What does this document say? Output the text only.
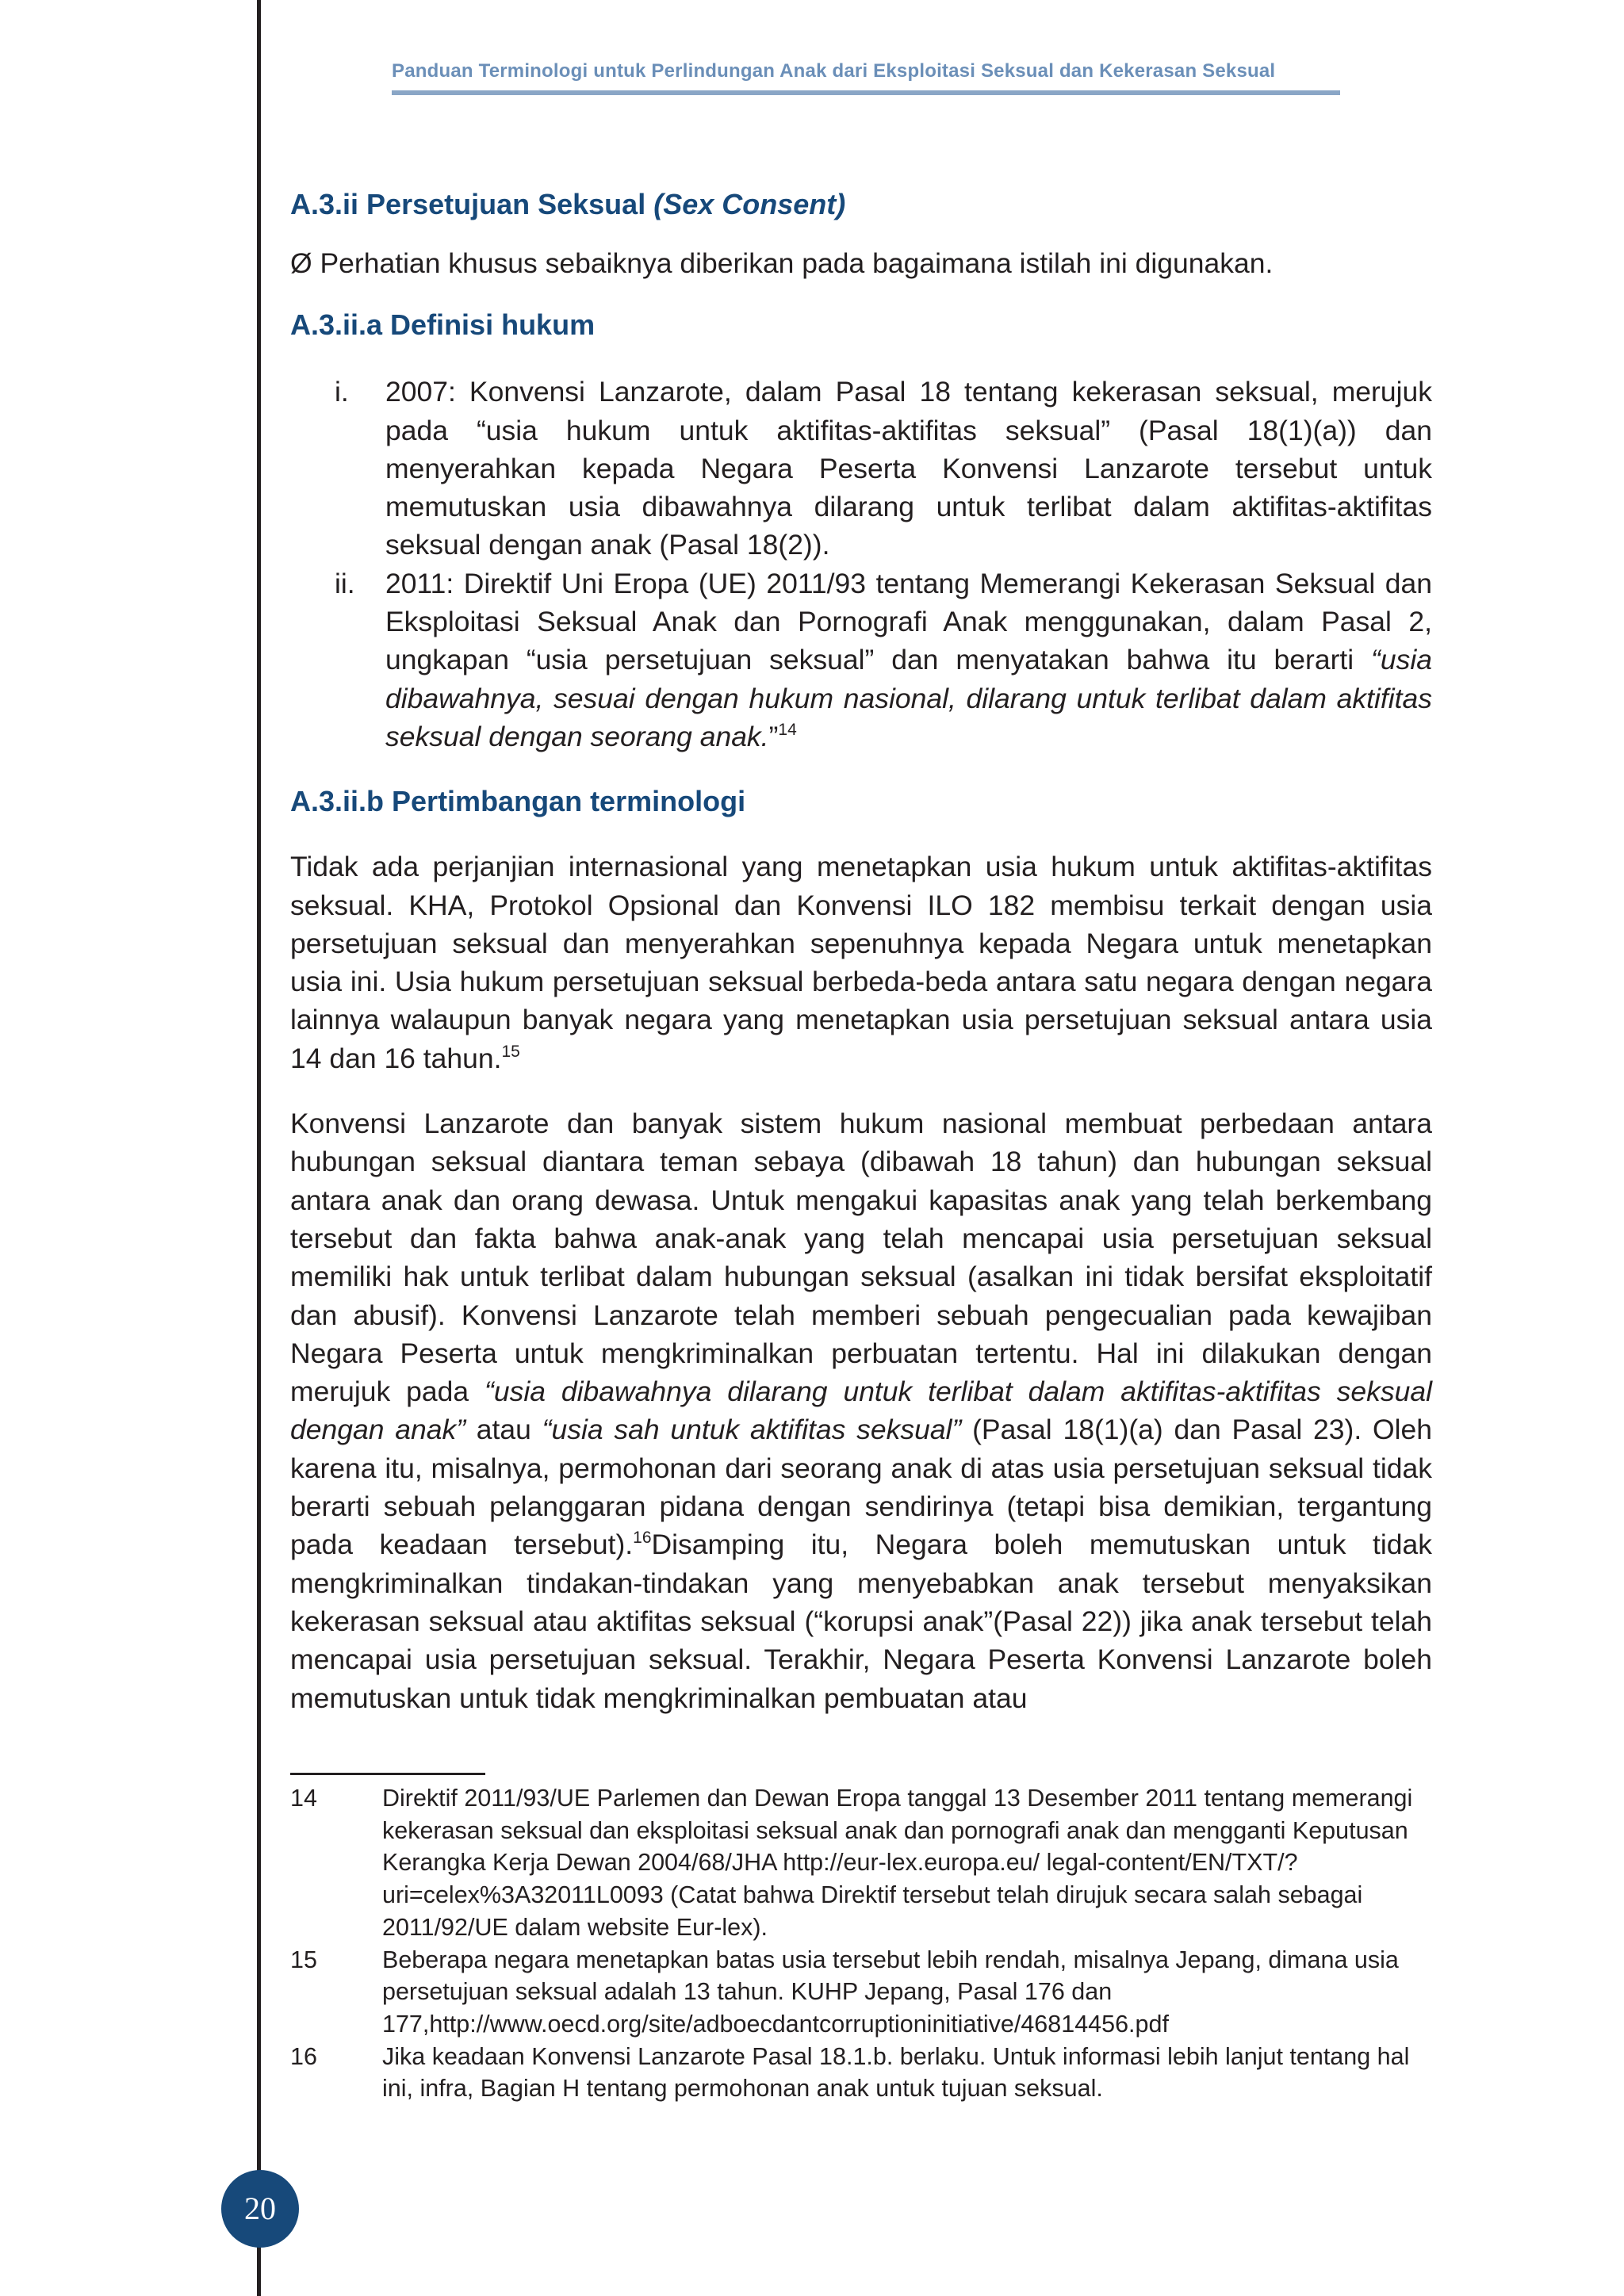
Panduan Terminologi untuk Perlindungan Anak dari Eksploitasi Seksual dan Kekerasan Seksual
A.3.ii Persetujuan Seksual (Sex Consent)

Ø Perhatian khusus sebaiknya diberikan pada bagaimana istilah ini digunakan.

A.3.ii.a Definisi hukum
i. 2007: Konvensi Lanzarote, dalam Pasal 18 tentang kekerasan seksual, merujuk pada “usia hukum untuk aktifitas-aktifitas seksual” (Pasal 18(1)(a)) dan menyerahkan kepada Negara Peserta Konvensi Lanzarote tersebut untuk memutuskan usia dibawahnya dilarang untuk terlibat dalam aktifitas-aktifitas seksual dengan anak (Pasal 18(2)).
ii. 2011: Direktif Uni Eropa (UE) 2011/93 tentang Memerangi Kekerasan Seksual dan Eksploitasi Seksual Anak dan Pornografi Anak menggunakan, dalam Pasal 2, ungkapan “usia persetujuan seksual” dan menyatakan bahwa itu berarti “usia dibawahnya, sesuai dengan hukum nasional, dilarang untuk terlibat dalam aktifitas seksual dengan seorang anak.”$^{14}$
A.3.ii.b Pertimbangan terminologi

Tidak ada perjanjian internasional yang menetapkan usia hukum untuk aktifitas-aktifitas seksual. KHA, Protokol Opsional dan Konvensi ILO 182 membisu terkait dengan usia persetujuan seksual dan menyerahkan sepenuhnya kepada Negara untuk menetapkan usia ini. Usia hukum persetujuan seksual berbeda-beda antara satu negara dengan negara lainnya walaupun banyak negara yang menetapkan usia persetujuan seksual antara usia 14 dan 16 tahun.$^{15}$

Konvensi Lanzarote dan banyak sistem hukum nasional membuat perbedaan antara hubungan seksual diantara teman sebaya (dibawah 18 tahun) dan hubungan seksual antara anak dan orang dewasa. Untuk mengakui kapasitas anak yang telah berkembang tersebut dan fakta bahwa anak-anak yang telah mencapai usia persetujuan seksual memiliki hak untuk terlibat dalam hubungan seksual (asalkan ini tidak bersifat eksploitatif dan abusif). Konvensi Lanzarote telah memberi sebuah pengecualian pada kewajiban Negara Peserta untuk mengkriminalkan perbuatan tertentu. Hal ini dilakukan dengan merujuk pada “usia dibawahnya dilarang untuk terlibat dalam aktifitas-aktifitas seksual dengan anak” atau “usia sah untuk aktifitas seksual” (Pasal 18(1)(a) dan Pasal 23). Oleh karena itu, misalnya, permohonan dari seorang anak di atas usia persetujuan seksual tidak berarti sebuah pelanggaran pidana dengan sendirinya (tetapi bisa demikian, tergantung pada keadaan tersebut).$^{16}$Disamping itu, Negara boleh memutuskan untuk tidak mengkriminalkan tindakan-tindakan yang menyebabkan anak tersebut menyaksikan kekerasan seksual atau aktifitas seksual (“korupsi anak”(Pasal 22)) jika anak tersebut telah mencapai usia persetujuan seksual. Terakhir, Negara Peserta Konvensi Lanzarote boleh memutuskan untuk tidak mengkriminalkan pembuatan atau

14	Direktif 2011/93/UE Parlemen dan Dewan Eropa tanggal 13 Desember 2011 tentang memerangi kekerasan seksual dan eksploitasi seksual anak dan pornografi anak dan mengganti Keputusan Kerangka Kerja Dewan 2004/68/JHA http://eur-lex.europa.eu/ legal-content/EN/TXT/?uri=celex%3A32011L0093 (Catat bahwa Direktif tersebut telah dirujuk secara salah sebagai 2011/92/UE dalam website Eur-lex).
15	Beberapa negara menetapkan batas usia tersebut lebih rendah, misalnya Jepang, dimana usia persetujuan seksual adalah 13 tahun. KUHP Jepang, Pasal 176 dan 177,http://www.oecd.org/site/adboecdantcorruptioninitiative/46814456.pdf
16	Jika keadaan Konvensi Lanzarote Pasal 18.1.b. berlaku. Untuk informasi lebih lanjut tentang hal ini, infra, Bagian H tentang permohonan anak untuk tujuan seksual.
20
